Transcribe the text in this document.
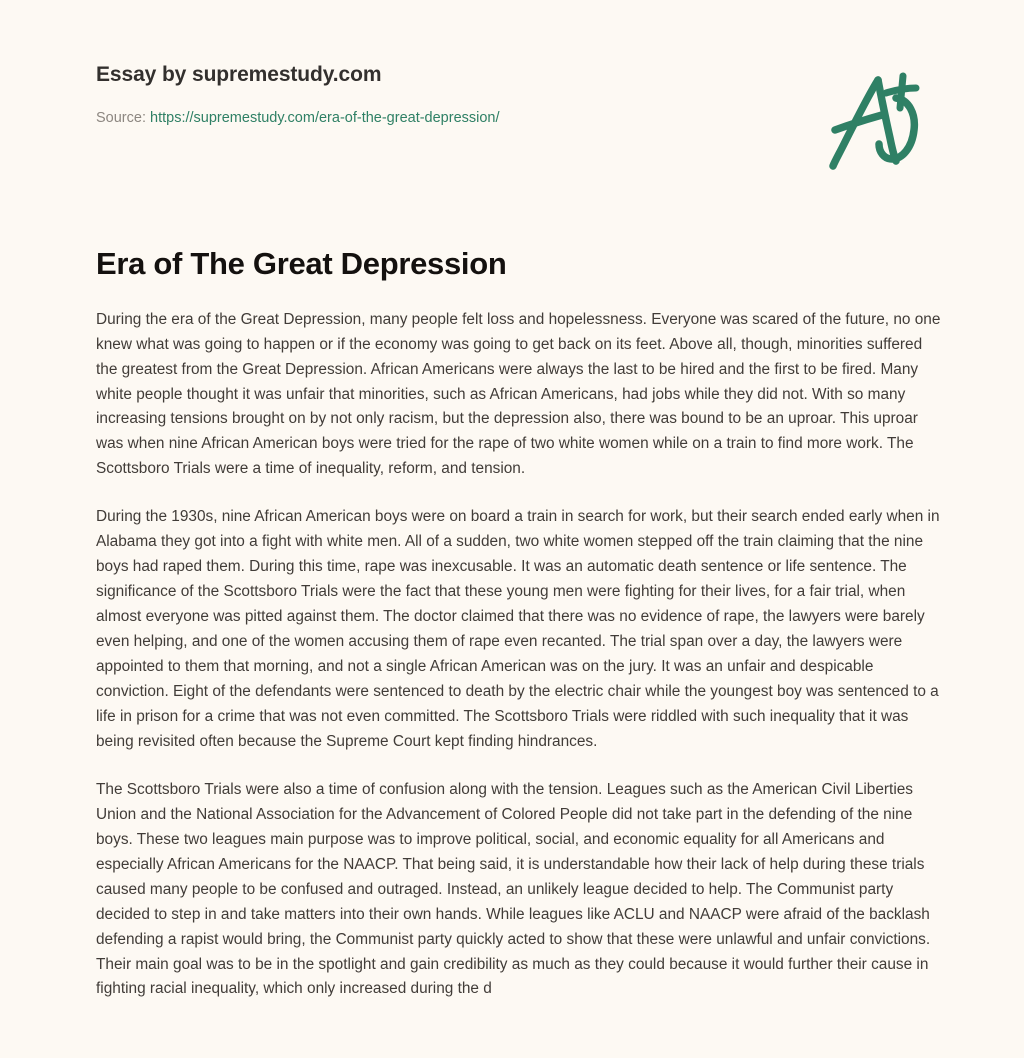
Essay by supremestudy.com
Source: https://supremestudy.com/era-of-the-great-depression/
Era of The Great Depression

During the era of the Great Depression, many people felt loss and hopelessness. Everyone was scared of the future, no one knew what was going to happen or if the economy was going to get back on its feet. Above all, though, minorities suffered the greatest from the Great Depression. African Americans were always the last to be hired and the first to be fired. Many white people thought it was unfair that minorities, such as African Americans, had jobs while they did not. With so many increasing tensions brought on by not only racism, but the depression also, there was bound to be an uproar. This uproar was when nine African American boys were tried for the rape of two white women while on a train to find more work. The Scottsboro Trials were a time of inequality, reform, and tension.

During the 1930s, nine African American boys were on board a train in search for work, but their search ended early when in Alabama they got into a fight with white men. All of a sudden, two white women stepped off the train claiming that the nine boys had raped them. During this time, rape was inexcusable. It was an automatic death sentence or life sentence. The significance of the Scottsboro Trials were the fact that these young men were fighting for their lives, for a fair trial, when almost everyone was pitted against them. The doctor claimed that there was no evidence of rape, the lawyers were barely even helping, and one of the women accusing them of rape even recanted. The trial span over a day, the lawyers were appointed to them that morning, and not a single African American was on the jury. It was an unfair and despicable conviction. Eight of the defendants were sentenced to death by the electric chair while the youngest boy was sentenced to a life in prison for a crime that was not even committed. The Scottsboro Trials were riddled with such inequality that it was being revisited often because the Supreme Court kept finding hindrances.

The Scottsboro Trials were also a time of confusion along with the tension. Leagues such as the American Civil Liberties Union and the National Association for the Advancement of Colored People did not take part in the defending of the nine boys. These two leagues main purpose was to improve political, social, and economic equality for all Americans and especially African Americans for the NAACP. That being said, it is understandable how their lack of help during these trials caused many people to be confused and outraged. Instead, an unlikely league decided to help. The Communist party decided to step in and take matters into their own hands. While leagues like ACLU and NAACP were afraid of the backlash defending a rapist would bring, the Communist party quickly acted to show that these were unlawful and unfair convictions. Their main goal was to be in the spotlight and gain credibility as much as they could because it would further their cause in fighting racial inequality, which only increased during the d
